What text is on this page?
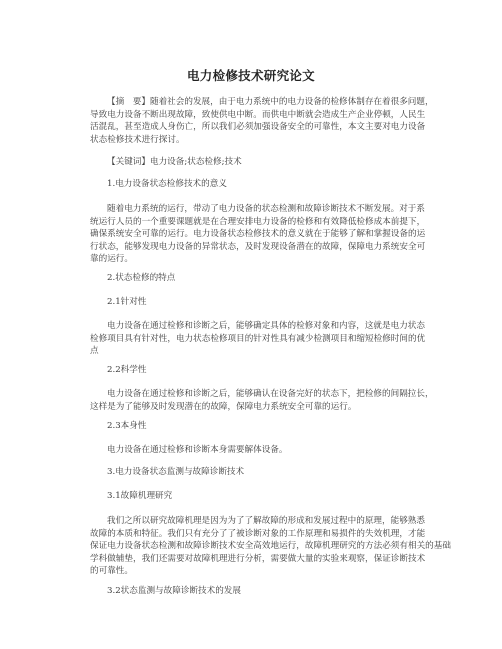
电力检修技术研究论文
【摘　要】随着社会的发展，由于电力系统中的电力设备的检修体制存在着很多问题，
导致电力设备不断出现故障，致使供电中断。而供电中断就会造成生产企业停顿，人民生
活混乱，甚至造成人身伤亡，所以我们必须加强设备安全的可靠性，本文主要对电力设备
状态检修技术进行探讨。
【关键词】电力设备;状态检修;技术
1.电力设备状态检修技术的意义
随着电力系统的运行，带动了电力设备的状态检测和故障诊断技术不断发展。对于系
统运行人员的一个重要课题就是在合理安排电力设备的检修和有效降低检修成本前提下，
确保系统安全可靠的运行。电力设备状态检修技术的意义就在于能够了解和掌握设备的运
行状态，能够发现电力设备的异常状态，及时发现设备潜在的故障，保障电力系统安全可
靠的运行。
2.状态检修的特点
2.1针对性
电力设备在通过检修和诊断之后，能够确定具体的检修对象和内容，这就是电力状态
检修项目具有针对性，电力状态检修项目的针对性具有减少检测项目和缩短检修时间的优
点
2.2科学性
电力设备在通过检修和诊断之后，能够确认在设备完好的状态下，把检修的间隔拉长，
这样是为了能够及时发现潜在的故障，保障电力系统安全可靠的运行。
2.3本身性
电力设备在通过检修和诊断本身需要解体设备。
3.电力设备状态监测与故障诊断技术
3.1故障机理研究
我们之所以研究故障机理是因为为了了解故障的形成和发展过程中的原理，能够熟悉
故障的本质和特征。我们只有充分了了被诊断对象的工作原理和易损件的失效机理，才能
保证电力设备状态检测和故障诊断技术安全高效地运行，故障机理研究的方法必须有相关的基础
学科做辅垫，我们还需要对故障机理进行分析，需要做大量的实验来观察，保证诊断技术
的可靠性。
3.2状态监测与故障诊断技术的发展
